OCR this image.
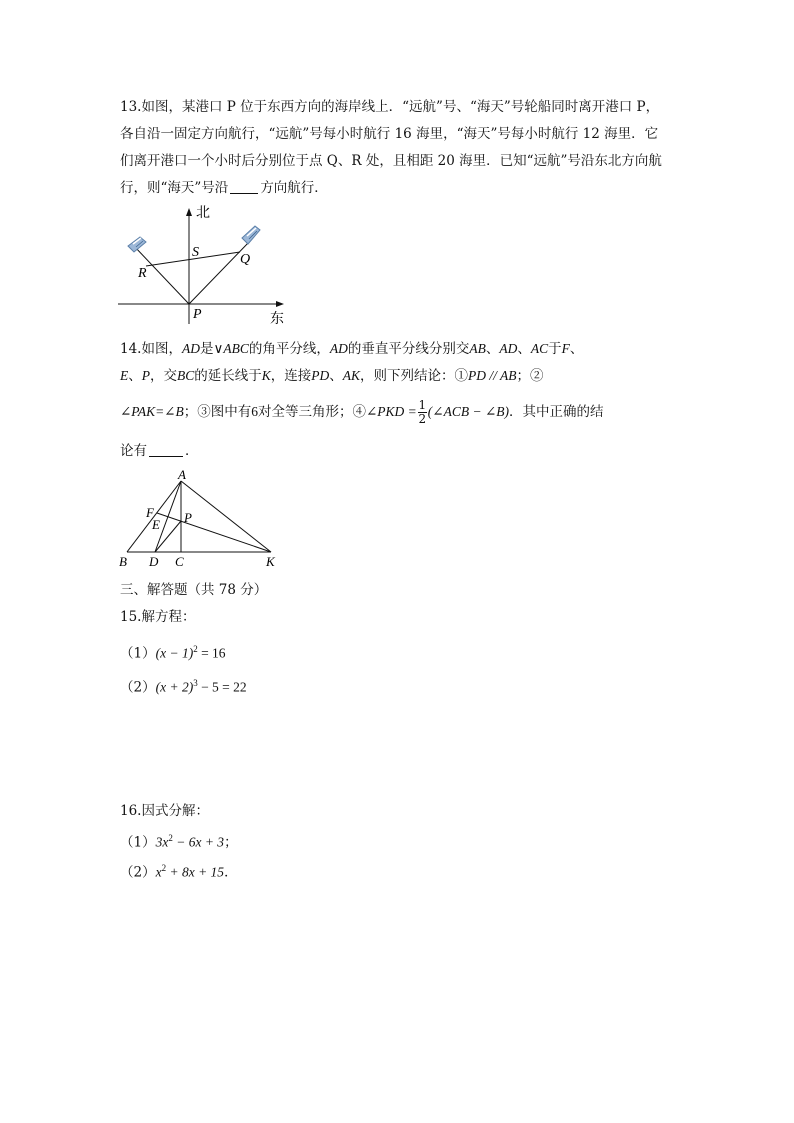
13.如图，某港口 P 位于东西方向的海岸线上．“远航”号、“海天”号轮船同时离开港口 P，
各自沿一固定方向航行，“远航”号每小时航行 16 海里，“海天”号每小时航行 12 海里．它
们离开港口一个小时后分别位于点 Q、R 处，且相距 20 海里．已知“远航”号沿东北方向航
行，则“海天”号沿 方向航行．
北
东
S
R
Q
P
14.如图，AD是∨ABC的角平分线，AD的垂直平分线分别交AB、AD、AC于F、
E、P，交BC的延长线于K，连接PD、AK，则下列结论：①PD // AB；②
∠PAK=∠B；③图中有6对全等三角形；④∠PKD = $\frac{1}{2}$ (∠ACB − ∠B)．其中正确的结
论有	．
A
F
E P
B D C	K
三、解答题（共 78 分）
15.解方程：
$(1)(x - 1)^2 = 16$
$(2)(x + 2)^3 - 5 = 22$
16.因式分解：
$(1)3x^2 - 6x + 3$；
$(2)x^2 + 8x + 15$．
